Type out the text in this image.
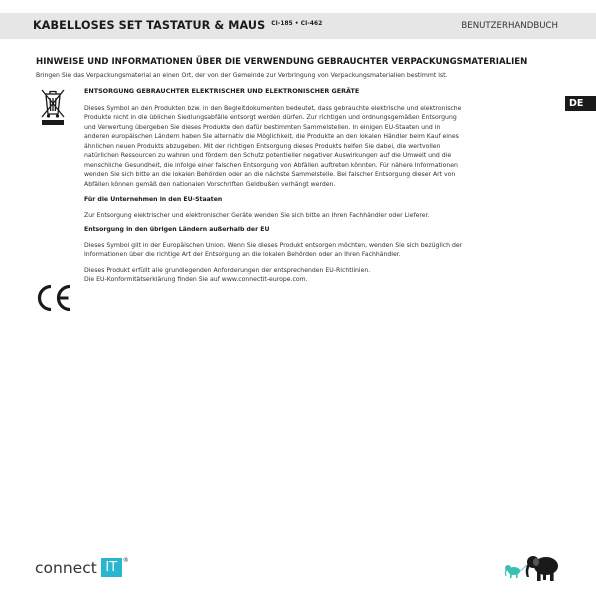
KABELLOSES SET TASTATUR & MAUS $^{CI-185 • CI-462}$	BENUTZERHANDBUCH
HINWEISE UND INFORMATIONEN ÜBER DIE VERWENDUNG GEBRAUCHTER VERPACKUNGSMATERIALIEN
Bringen Sie das Verpackungsmaterial an einen Ort, der von der Gemeinde zur Verbringung von Verpackungsmaterialien bestimmt ist.
DE
ENTSORGUNG GEBRAUCHTER ELEKTRISCHER UND ELEKTRONISCHER GERÄTE
Dieses Symbol an den Produkten bzw. in den Begleitdokumenten bedeutet, dass gebrauchte elektrische und elektronische
Produkte nicht in die üblichen Siedlungsabfälle entsorgt werden dürfen. Zur richtigen und ordnungsgemäßen Entsorgung
und Verwertung übergeben Sie dieses Produkte den dafür bestimmten Sammelstellen. In einigen EU-Staaten und in
anderen europäischen Ländern haben Sie alternativ die Möglichkeit, die Produkte an den lokalen Händler beim Kauf eines
ähnlichen neuen Produkts abzugeben. Mit der richtigen Entsorgung dieses Produkts helfen Sie dabei, die wertvollen
natürlichen Ressourcen zu wahren und fördern den Schutz potentieller negativer Auswirkungen auf die Umwelt und die
menschliche Gesundheit, die infolge einer falschen Entsorgung von Abfällen auftreten könnten. Für nähere Informationen
wenden Sie sich bitte an die lokalen Behörden oder an die nächste Sammelstelle. Bei falscher Entsorgung dieser Art von
Abfällen können gemäß den nationalen Vorschriften Geldbußen verhängt werden.
Für die Unternehmen in den EU-Staaten
Zur Entsorgung elektrischer und elektronischer Geräte wenden Sie sich bitte an Ihren Fachhändler oder Lieferer.
Entsorgung in den übrigen Ländern außerhalb der EU
Dieses Symbol gilt in der Europäischen Union. Wenn Sie dieses Produkt entsorgen möchten, wenden Sie sich bezüglich der
Informationen über die richtige Art der Entsorgung an die lokalen Behörden oder an Ihren Fachhändler.
Dieses Produkt erfüllt alle grundlegenden Anforderungen der entsprechenden EU-Richtlinien.
Die EU-Konformitätserklärung finden Sie auf www.connectit-europe.com.
connect IT ®
